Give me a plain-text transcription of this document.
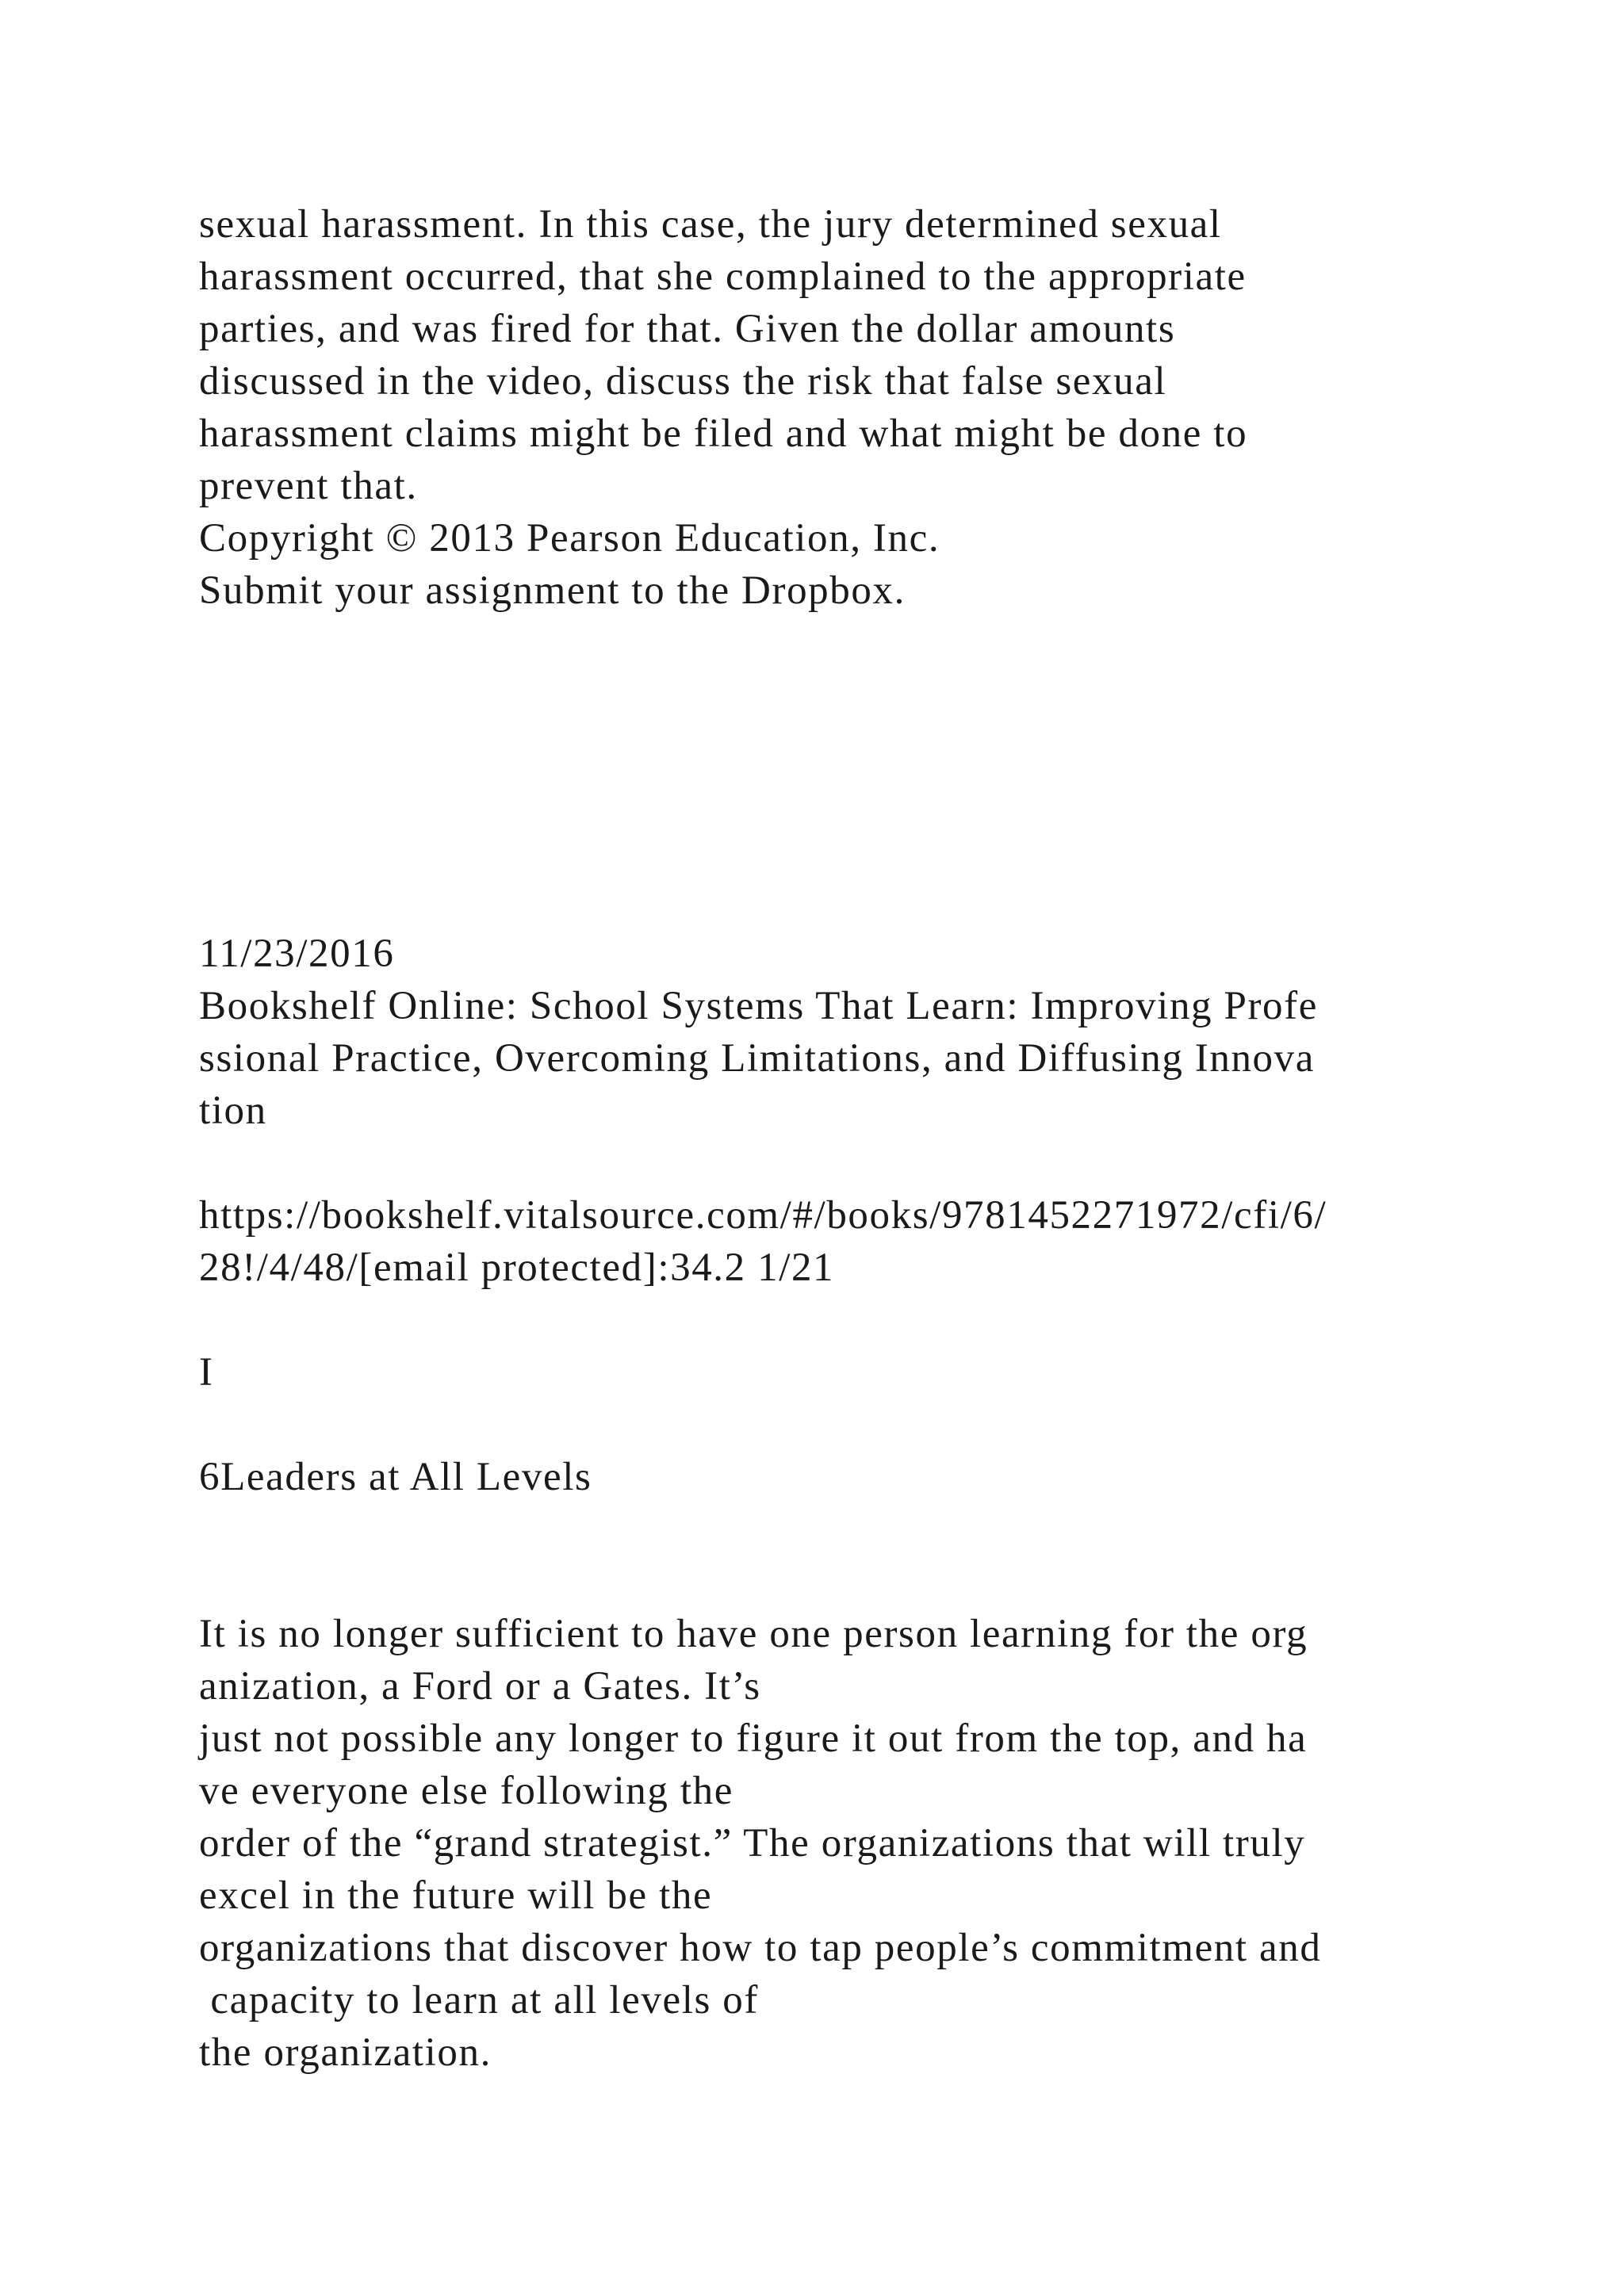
sexual harassment. In this case, the jury determined sexual

harassment occurred, that she complained to the appropriate

parties, and was fired for that. Given the dollar amounts

discussed in the video, discuss the risk that false sexual

harassment claims might be filed and what might be done to

prevent that.

Copyright © 2013 Pearson Education, Inc.

Submit your assignment to the Dropbox.

11/23/2016

Bookshelf Online: School Systems That Learn: Improving Profe

ssional Practice, Overcoming Limitations, and Diffusing Innova

tion

https://bookshelf.vitalsource.com/#/books/9781452271972/cfi/6/

28!/4/48/[email protected]:34.2 1/21

I

6Leaders at All Levels

It is no longer sufficient to have one person learning for the org

anization, a Ford or a Gates. It’s

just not possible any longer to figure it out from the top, and ha

ve everyone else following the

order of the “grand strategist.” The organizations that will truly

excel in the future will be the

organizations that discover how to tap people’s commitment and

capacity to learn at all levels of

the organization.
